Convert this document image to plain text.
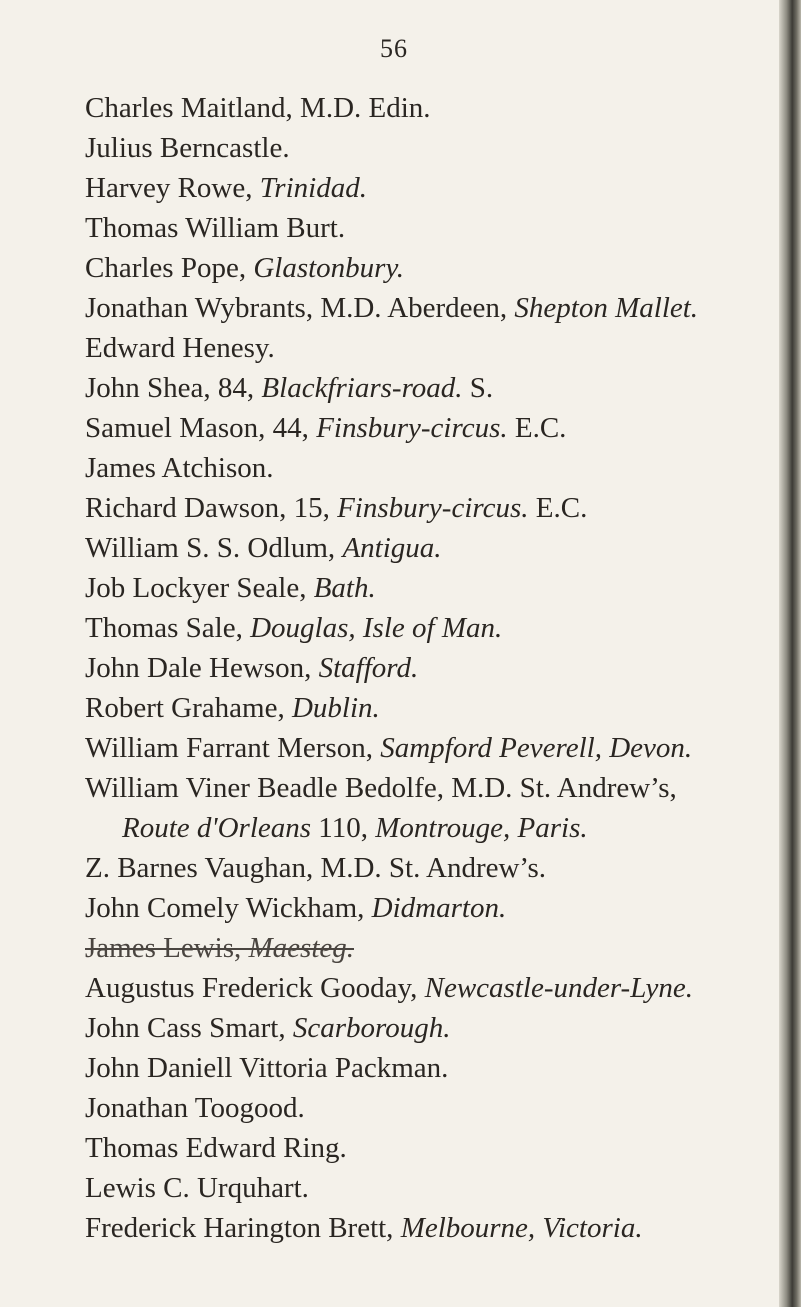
56
Charles Maitland, M.D. Edin.
Julius Berncastle.
Harvey Rowe, Trinidad.
Thomas William Burt.
Charles Pope, Glastonbury.
Jonathan Wybrants, M.D. Aberdeen, Shepton Mallet.
Edward Henesy.
John Shea, 84, Blackfriars-road. S.
Samuel Mason, 44, Finsbury-circus. E.C.
James Atchison.
Richard Dawson, 15, Finsbury-circus. E.C.
William S. S. Odlum, Antigua.
Job Lockyer Seale, Bath.
Thomas Sale, Douglas, Isle of Man.
John Dale Hewson, Stafford.
Robert Grahame, Dublin.
William Farrant Merson, Sampford Peverell, Devon.
William Viner Beadle Bedolfe, M.D. St. Andrew’s,
Route d'Orleans 110, Montrouge, Paris.
Z. Barnes Vaughan, M.D. St. Andrew’s.
John Comely Wickham, Didmarton.
James Lewis, Maesteg.
Augustus Frederick Gooday, Newcastle-under-Lyne.
John Cass Smart, Scarborough.
John Daniell Vittoria Packman.
Jonathan Toogood.
Thomas Edward Ring.
Lewis C. Urquhart.
Frederick Harington Brett, Melbourne, Victoria.
